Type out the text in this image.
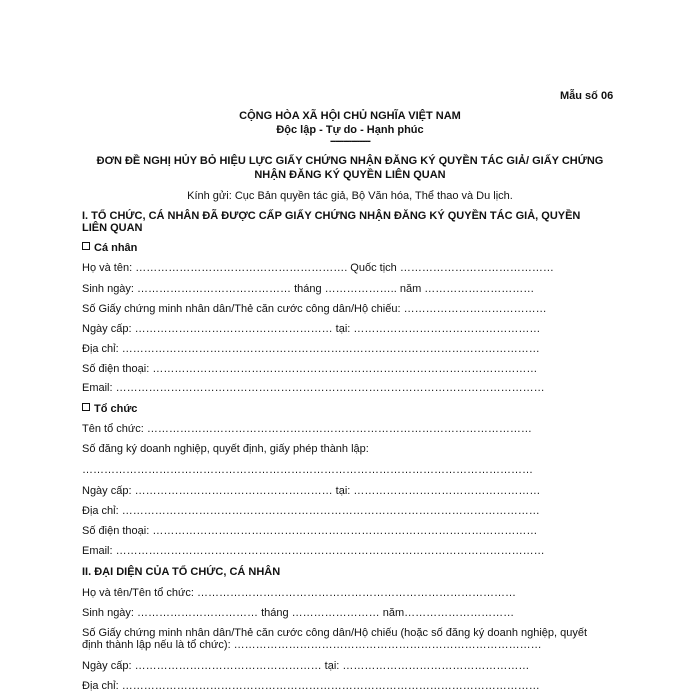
Mẫu số 06
CỘNG HÒA XÃ HỘI CHỦ NGHĨA VIỆT NAM
Độc lập - Tự do - Hạnh phúc
---------------
ĐƠN ĐỀ NGHỊ HỦY BỎ HIỆU LỰC GIẤY CHỨNG NHẬN ĐĂNG KÝ QUYỀN TÁC GIẢ/ GIẤY CHỨNG
NHẬN ĐĂNG KÝ QUYỀN LIÊN QUAN
Kính gửi: Cục Bản quyền tác giả, Bộ Văn hóa, Thể thao và Du lịch.
I. TỔ CHỨC, CÁ NHÂN ĐÃ ĐƯỢC CẤP GIẤY CHỨNG NHẬN ĐĂNG KÝ QUYỀN TÁC GIẢ, QUYỀN
LIÊN QUAN
Cá nhân
Họ và tên: …………………………………………………. Quốc tịch ……………………………………
Sinh ngày: …………………………………… tháng ……………….. năm …………………………
Số Giấy chứng minh nhân dân/Thẻ căn cước công dân/Hộ chiếu: …………………………………
Ngày cấp: ……………………………………………… tại: ……………………………………………
Địa chỉ: ……………………………………………………………………………………………………
Số điện thoại: ……………………………………………………………………………………………
Email: ………………………………………………………………………………………………………
Tổ chức
Tên tổ chức: ……………………………………………………………………………………………
Số đăng ký doanh nghiệp, quyết định, giấy phép thành lập:
……………………………………………………………………………………………………………
Ngày cấp: ……………………………………………… tại: ……………………………………………
Địa chỉ: ……………………………………………………………………………………………………
Số điện thoại: ……………………………………………………………………………………………
Email: ………………………………………………………………………………………………………
II. ĐẠI DIỆN CỦA TỔ CHỨC, CÁ NHÂN
Họ và tên/Tên tổ chức: ……………………………………………………………………………
Sinh ngày: …………………………… tháng …………………… năm…………………………
Số Giấy chứng minh nhân dân/Thẻ căn cước công dân/Hộ chiếu (hoặc số đăng ký doanh nghiệp, quyết
định thành lập nếu là tổ chức): …………………………………………………………………………
Ngày cấp: …………………………………………… tại: ……………………………………………
Địa chỉ: ……………………………………………………………………………………………………
